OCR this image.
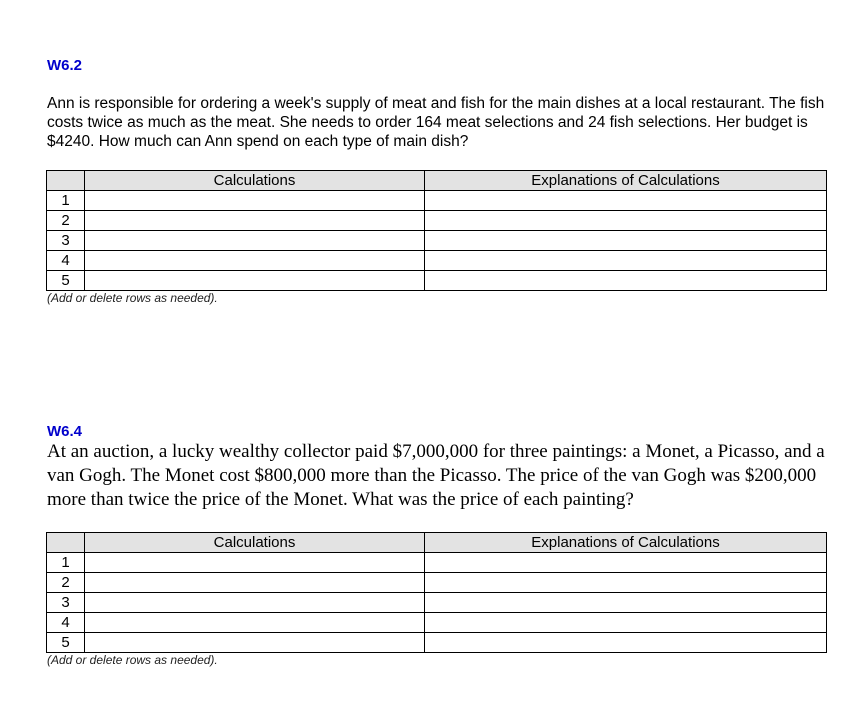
W6.2

Ann is responsible for ordering a week's supply of meat and fish for the main dishes at a local restaurant. The fish costs twice as much as the meat. She needs to order 164 meat selections and 24 fish selections. Her budget is $4240. How much can Ann spend on each type of main dish?

	Calculations	Explanations of Calculations
1		
2		
3		
4		
5		
(Add or delete rows as needed).

W6.4

At an auction, a lucky wealthy collector paid $7,000,000 for three paintings: a Monet, a Picasso, and a van Gogh. The Monet cost $800,000 more than the Picasso. The price of the van Gogh was $200,000 more than twice the price of the Monet. What was the price of each painting?

	Calculations	Explanations of Calculations
1		
2		
3		
4		
5		
(Add or delete rows as needed).
